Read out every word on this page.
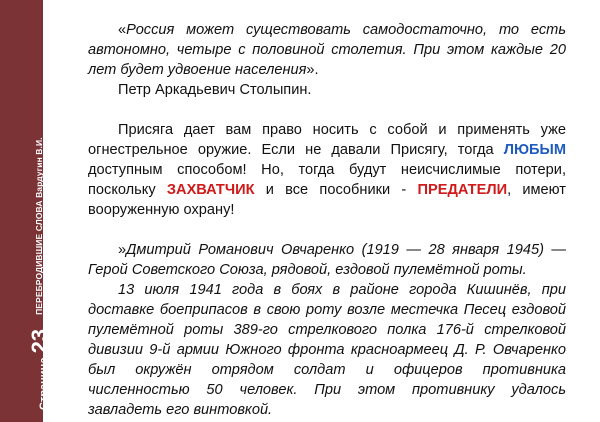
Страница
23
ПЕРЕБРОДИВШИЕ СЛОВА Вардугин В.И.

«Россия может существовать самодостаточно, то есть автономно, четыре с половиной столетия. При этом каждые 20 лет будет удвоение населения».

Петр Аркадьевич Столыпин.

Присяга дает вам право носить с собой и применять уже огнестрельное оружие. Если не давали Присягу, тогда ЛЮБЫМ доступным способом! Но, тогда будут неисчислимые потери, поскольку ЗАХВАТЧИК и все пособники - ПРЕДАТЕЛИ, имеют вооруженную охрану!

»Дмитрий Романович Овчаренко (1919 — 28 января 1945) — Герой Советского Союза, рядовой, ездовой пулемётной роты.

13 июля 1941 года в боях в районе города Кишинёв, при доставке боеприпасов в свою роту возле местечка Песец ездовой пулемётной роты 389-го стрелкового полка 176-й стрелковой дивизии 9-й армии Южного фронта красноармеец Д. Р. Овчаренко был окружён отрядом солдат и офицеров противника численностью 50 человек. При этом противнику удалось завладеть его винтовкой.
